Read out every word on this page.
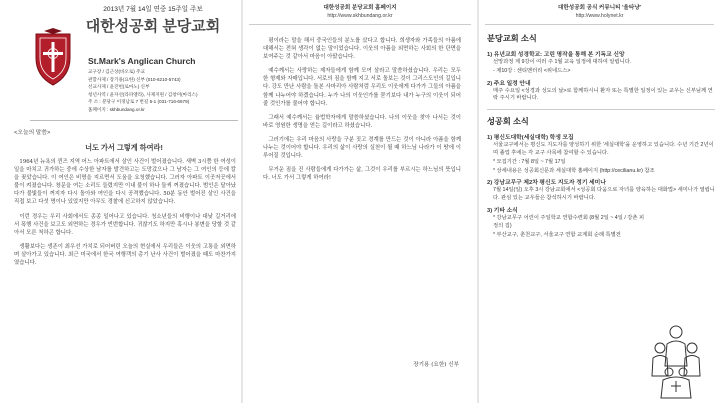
2013년 7월 14일 연중 15주일 주보
대한성공회 분당교회
St.Mark's Anglican Church
교구장 / 김근상(바오로) 주교
관할사제 / 장기용(요한) 신부 (010-6210-5743)
선교사제 / 윤진헌(로마노) 신부
청년사역 / 윤자선(라파엘라), 사제지원 / 김창미(마리스)
주 소 : 분당구 이경남로 7 번길 5-1 (031-716-6679)
홈페이지 : skhbundang.or.kr
<오늘의 말씀>
너도 가서 그렇게 하여라!

1964년 뉴욕의 퀸즈 지역 어느 아파트에서 살인 사건이 벌어졌습니다. 새벽 3시쯤 한 여성이 일을 마치고 귀가하는 중에 수상한 남자를 발견하고는 도망갔으나 그 남자는 그 여인의 등에 칼을 꽂았습니다. 이 여인은 비명을 지르면서 도움을 요청했습니다. 그러자 아파트 이곳저곳에서 불이 켜졌습니다. 창문을 여는 소리도 들렸지만 이내 불이 하나 둘씩 꺼졌습니다. 범인은 달아났다가 불빛들이 꺼지자 다시 돌아와 여인을 다시 공격했습니다. 50분 동안 벌어진 살인 사건을 직접 보고 다섯 명이나 있었지만 아무도 경찰에 신고하지 않았습니다.

이런 경우는 우리 사회에서도 종종 일어나고 있습니다. 청소년들의 비행이나 대낮 길거리에서 폭행 사건을 보고도 외면하는 경우가 빈번합니다. 귀찮기도 하지만 혹시나 봉변을 당할 것 같아서 모른 척하곤 합니다.

생활보다는 생존이 최우선 가치로 되어버린 오늘의 현실에서 우리들은 이웃의 고통을 외면하며 살아가고 있습니다. 최근 미국에서 한국 여행객의 총기 난사 사건이 벌어졌을 때도 마찬가지였습니다.

대한성공회 분당교회 홈페이지
http://www.skhbundang.or.kr

평이라는 말을 해서 중국인들의 분노를 샀다고 합니다. 희생자와 가족들의 아픔에 대해서는 전혀 생각이 없는 말이었습니다. 이웃의 아픔을 외면하는 사회의 한 단면을 보여주는 것 같아서 마음이 아팠습니다.

예수께서는 사랑하는 제자들에게 함께 모여 살라고 말씀하셨습니다. 우리는 모두 한 형제와 자매입니다. 서로의 짐을 함께 지고 서로 돌보는 것이 그리스도인의 길입니다. 강도 만난 사람을 돌본 사마리아 사람처럼 우리도 이웃에게 다가가 그들의 아픔을 함께 나누어야 하겠습니다. 누가 나의 이웃인가를 묻기보다 내가 누구의 이웃이 되어 줄 것인가를 물어야 합니다.

그래서 예수께서는 율법학자에게 말씀하셨습니다. 나의 이웃을 찾아 나서는 것이 바로 영원한 생명을 얻는 길이라고 하셨습니다.

그러기에는 우리 마음의 사랑을 구분 짓고 경계를 만드는 것이 아니라 아픔을 함께 나누는 것이어야 합니다. 우리의 삶이 사랑의 실천이 될 때 하느님 나라가 이 땅에 이루어질 것입니다.

무거운 짐을 진 사람들에게 다가가는 삶, 그것이 우리를 부르시는 하느님의 뜻입니다. 너도 가서 그렇게 하여라!

장기용 (요한) 신부
대한성공회 공식 커뮤니티 '울타냥'
http://www.holynet.kr
분당교회 소식
1) 유년교회 성경학교: 고린 명작을 통해 본 기독교 신앙
선망과정 제 9강이 여러 주 1월 교육 일정에 대하여 알립니다.
- 제10강 : 센티멘터리 <위네드스>
2) 주요 일정 안내
매주 수요일 <성경과 성도의 날>로 함께하시니 환자 또는 특별한 일정이 있는 교우는 신부님께 연락 주시기 바랍니다.
성공회 소식
1) 평신도대학(세실대학) 학생 모집
서울교구에서는 평신도 지도자를 양성하기 위한 '세실대학'을 운영하고 있습니다. 수년 기간 2년이며 졸업 후에는 각 교구 사목에 참여할 수 있습니다.
* 모집기간 : 7월 8일 ~ 7월 17일
* 상세내용은 성공회신문과 세실대학 홈페이지 (http://cecilianu.kr) 참조
2) 강남교무구 제2차 평신도 지도자 정기 세미나
7월 14일(일) 오후 3시 강남교회에서 <성공회 다움으로 자녀를 양육하는 대화법> 세미나가 열립니다. 관심 있는 교우들은 참석하시기 바랍니다.
3) 기타 소식
* 강남교무구 어린이 주일학교 연합수련회 (8월 2일 ~ 4일 / 강촌 피정의 집)
* 부산교구, 춘천교구, 서울교구 연합 교계회 순례 특별전
